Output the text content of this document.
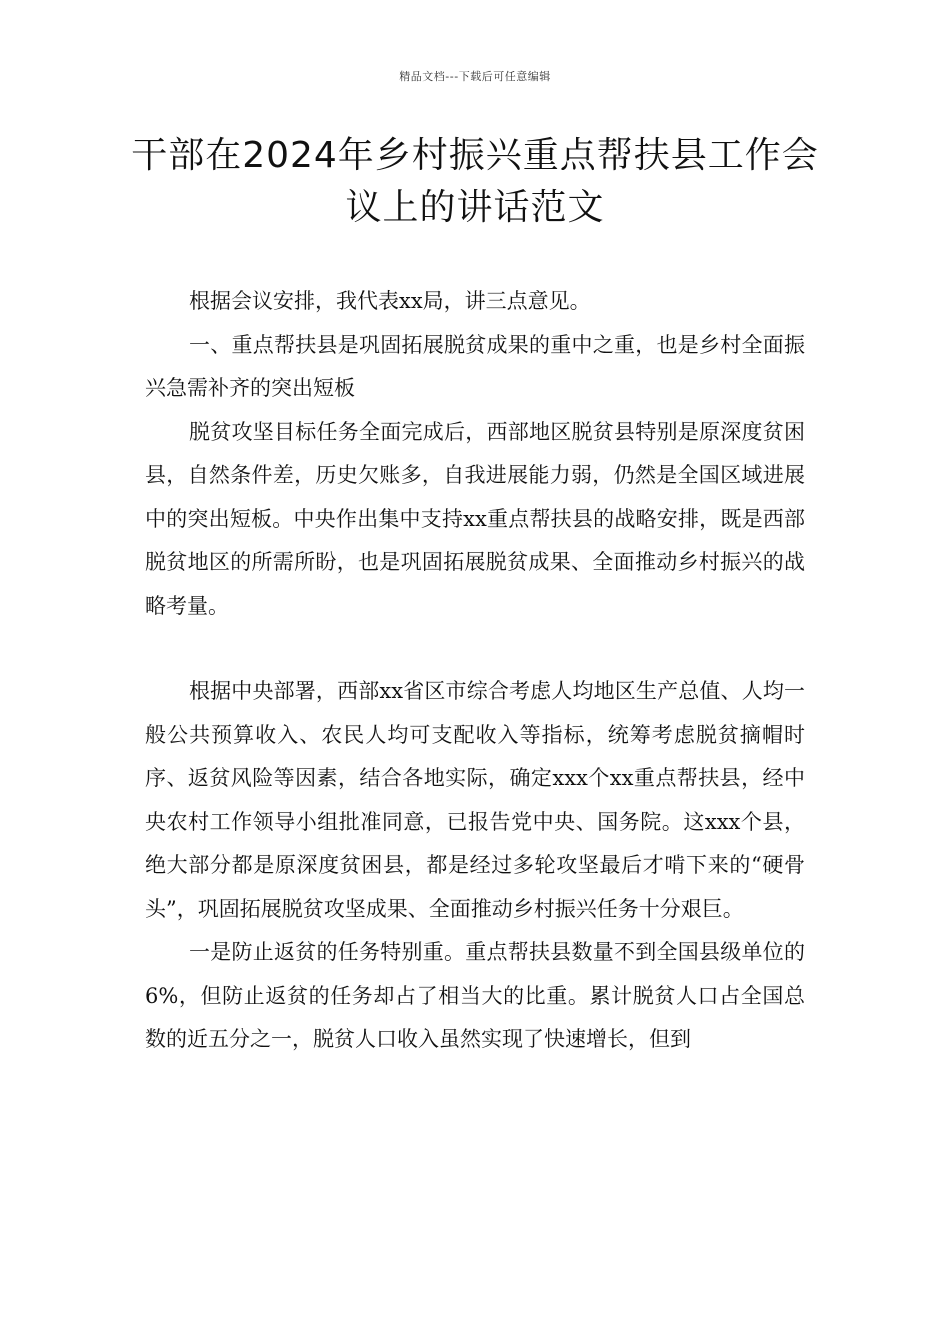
精品文档---下载后可任意编辑
干部在2024年乡村振兴重点帮扶县工作会议上的讲话范文

根据会议安排，我代表xx局，讲三点意见。

一、重点帮扶县是巩固拓展脱贫成果的重中之重，也是乡村全面振兴急需补齐的突出短板

脱贫攻坚目标任务全面完成后，西部地区脱贫县特别是原深度贫困县，自然条件差，历史欠账多，自我进展能力弱，仍然是全国区域进展中的突出短板。中央作出集中支持xx重点帮扶县的战略安排，既是西部脱贫地区的所需所盼，也是巩固拓展脱贫成果、全面推动乡村振兴的战略考量。

根据中央部署，西部xx省区市综合考虑人均地区生产总值、人均一般公共预算收入、农民人均可支配收入等指标，统筹考虑脱贫摘帽时序、返贫风险等因素，结合各地实际，确定xxx个xx重点帮扶县，经中央农村工作领导小组批准同意，已报告党中央、国务院。这xxx个县，绝大部分都是原深度贫困县，都是经过多轮攻坚最后才啃下来的“硬骨头”，巩固拓展脱贫攻坚成果、全面推动乡村振兴任务十分艰巨。

一是防止返贫的任务特别重。重点帮扶县数量不到全国县级单位的6%，但防止返贫的任务却占了相当大的比重。累计脱贫人口占全国总数的近五分之一，脱贫人口收入虽然实现了快速增长，但到
